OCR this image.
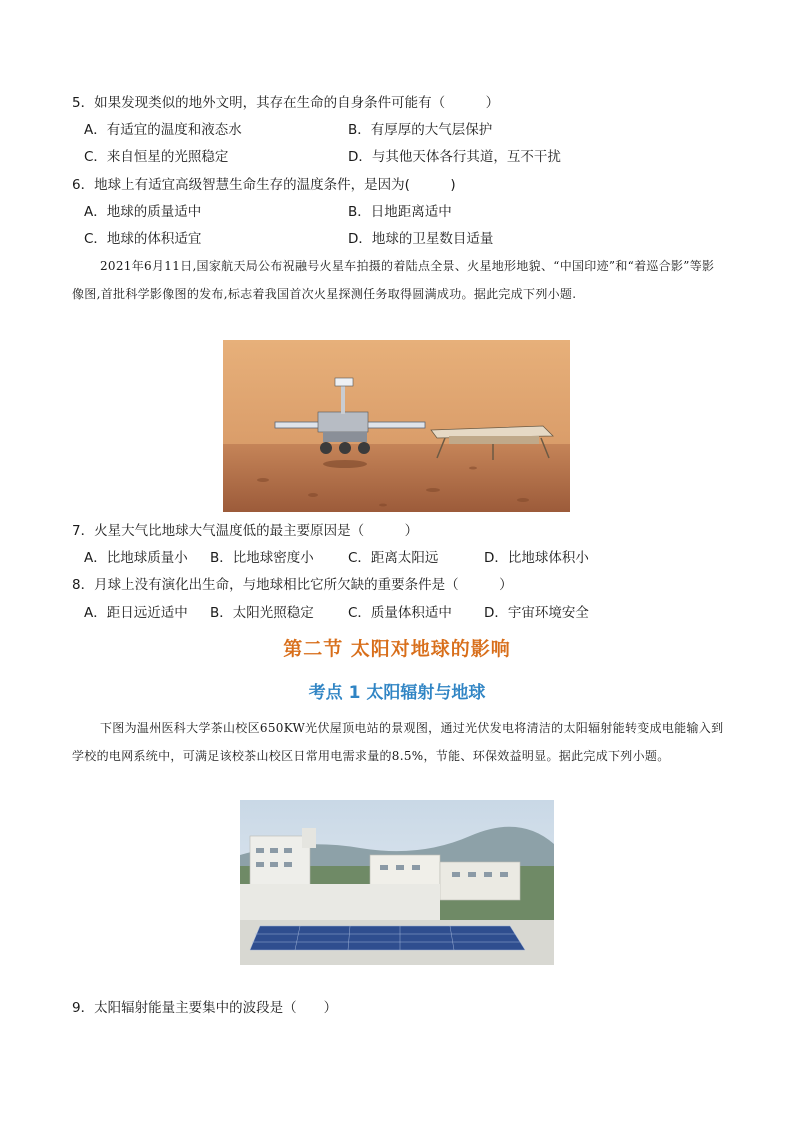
5．如果发现类似的地外文明，其存在生命的自身条件可能有（　　　）
A．有适宜的温度和液态水	B．有厚厚的大气层保护
C．来自恒星的光照稳定	D．与其他天体各行其道，互不干扰
6．地球上有适宜高级智慧生命生存的温度条件，是因为(　　　)
A．地球的质量适中	B．日地距离适中
C．地球的体积适宜	D．地球的卫星数目适量
2021年6月11日,国家航天局公布祝融号火星车拍摄的着陆点全景、火星地形地貌、“中国印迹”和“着巡合影”等影像图,首批科学影像图的发布,标志着我国首次火星探测任务取得圆满成功。据此完成下列小题.
7．火星大气比地球大气温度低的最主要原因是（　　　）
A．比地球质量小 B．比地球密度小	C．距离太阳远	D．比地球体积小
8．月球上没有演化出生命，与地球相比它所欠缺的重要条件是（　　　）
A．距日远近适中 B．太阳光照稳定	C．质量体积适中 D．宇宙环境安全
第二节 太阳对地球的影响
考点 1 太阳辐射与地球
下图为温州医科大学茶山校区650KW光伏屋顶电站的景观图，通过光伏发电将清洁的太阳辐射能转变成电能输入到学校的电网系统中，可满足该校茶山校区日常用电需求量的8.5%，节能、环保效益明显。据此完成下列小题。
9．太阳辐射能量主要集中的波段是（　　）
